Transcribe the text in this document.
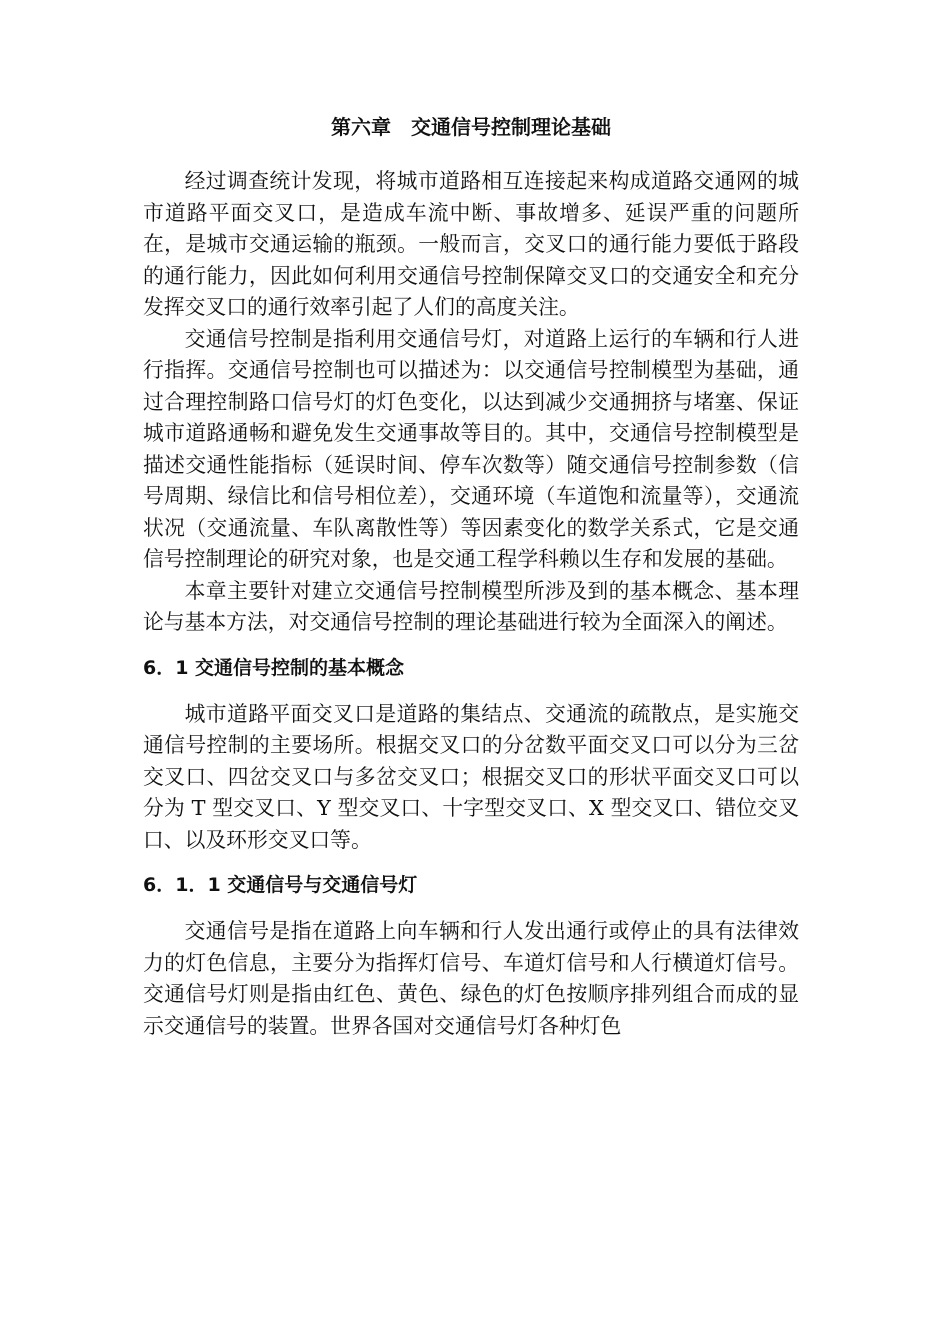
第六章　交通信号控制理论基础

经过调查统计发现，将城市道路相互连接起来构成道路交通网的城市道路平面交叉口，是造成车流中断、事故增多、延误严重的问题所在，是城市交通运输的瓶颈。一般而言，交叉口的通行能力要低于路段的通行能力，因此如何利用交通信号控制保障交叉口的交通安全和充分发挥交叉口的通行效率引起了人们的高度关注。

交通信号控制是指利用交通信号灯，对道路上运行的车辆和行人进行指挥。交通信号控制也可以描述为：以交通信号控制模型为基础，通过合理控制路口信号灯的灯色变化，以达到减少交通拥挤与堵塞、保证城市道路通畅和避免发生交通事故等目的。其中，交通信号控制模型是描述交通性能指标（延误时间、停车次数等）随交通信号控制参数（信号周期、绿信比和信号相位差），交通环境（车道饱和流量等），交通流状况（交通流量、车队离散性等）等因素变化的数学关系式，它是交通信号控制理论的研究对象，也是交通工程学科赖以生存和发展的基础。

本章主要针对建立交通信号控制模型所涉及到的基本概念、基本理论与基本方法，对交通信号控制的理论基础进行较为全面深入的阐述。

6．1 交通信号控制的基本概念

城市道路平面交叉口是道路的集结点、交通流的疏散点，是实施交通信号控制的主要场所。根据交叉口的分岔数平面交叉口可以分为三岔交叉口、四岔交叉口与多岔交叉口；根据交叉口的形状平面交叉口可以分为 T 型交叉口、Y 型交叉口、十字型交叉口、X 型交叉口、错位交叉口、以及环形交叉口等。

6．1．1 交通信号与交通信号灯

交通信号是指在道路上向车辆和行人发出通行或停止的具有法律效力的灯色信息，主要分为指挥灯信号、车道灯信号和人行横道灯信号。交通信号灯则是指由红色、黄色、绿色的灯色按顺序排列组合而成的显示交通信号的装置。世界各国对交通信号灯各种灯色
